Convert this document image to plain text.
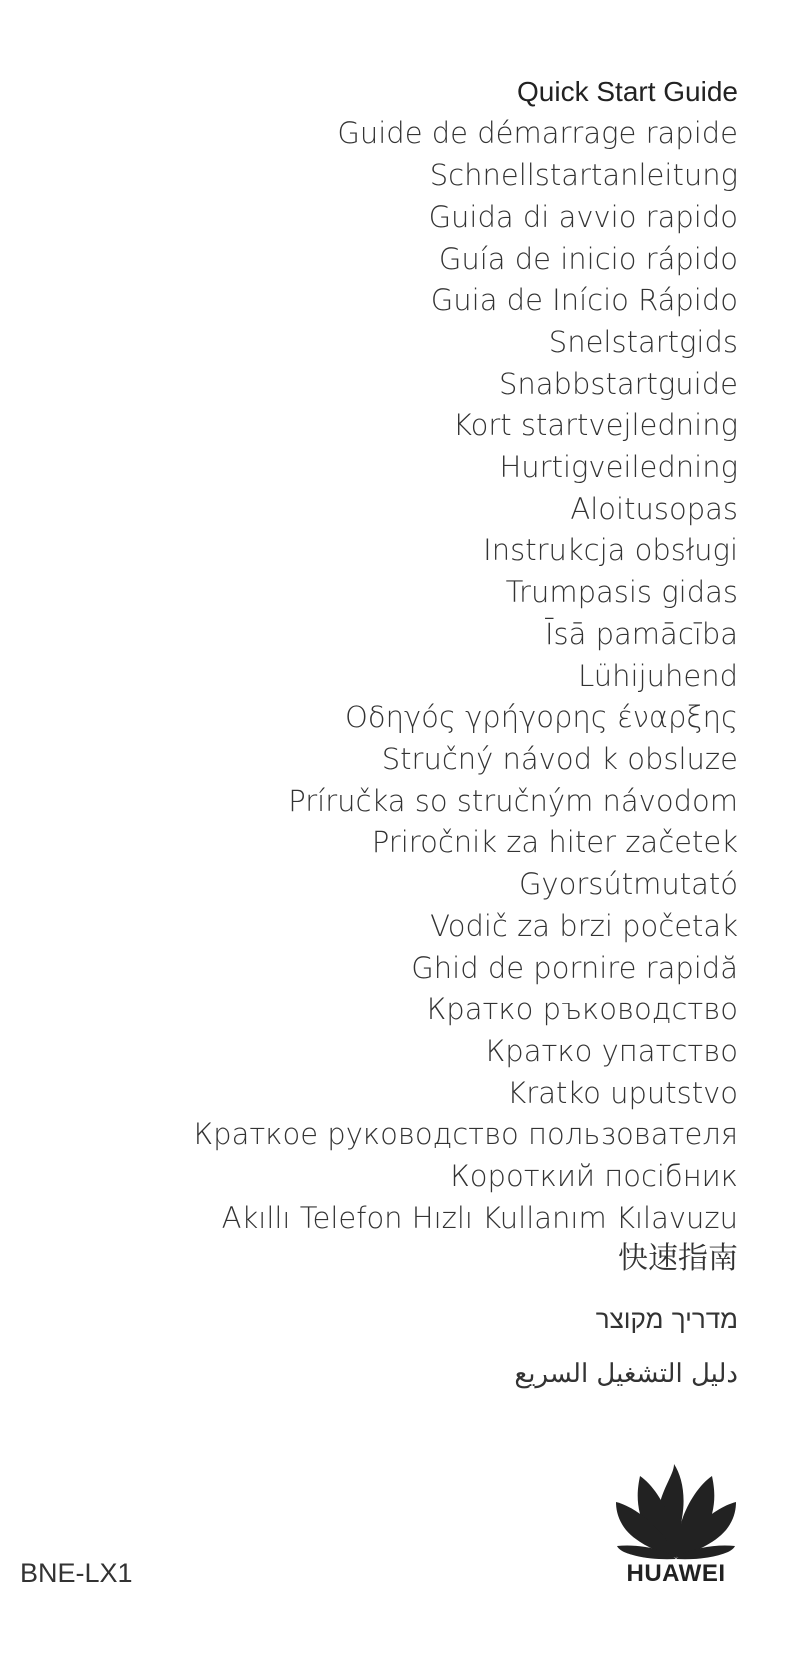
Quick Start Guide
Guide de démarrage rapide
Schnellstartanleitung
Guida di avvio rapido
Guía de inicio rápido
Guia de Início Rápido
Snelstartgids
Snabbstartguide
Kort startvejledning
Hurtigveiledning
Aloitusopas
Instrukcja obsługi
Trumpasis gidas
Īsā pamācība
Lühijuhend
Οδηγός γρήγορης έναρξης
Stručný návod k obsluze
Príručka so stručným návodom
Priročnik za hiter začetek
Gyorsútmutató
Vodič za brzi početak
Ghid de pornire rapidă
Кратко ръководство
Кратко упатство
Kratko uputstvo
Краткое руководство пользователя
Короткий посібник
Akıllı Telefon Hızlı Kullanım Kılavuzu
快速指南
מדריך מקוצר
دليل التشغيل السريع
BNE-LX1	HUAWEI
